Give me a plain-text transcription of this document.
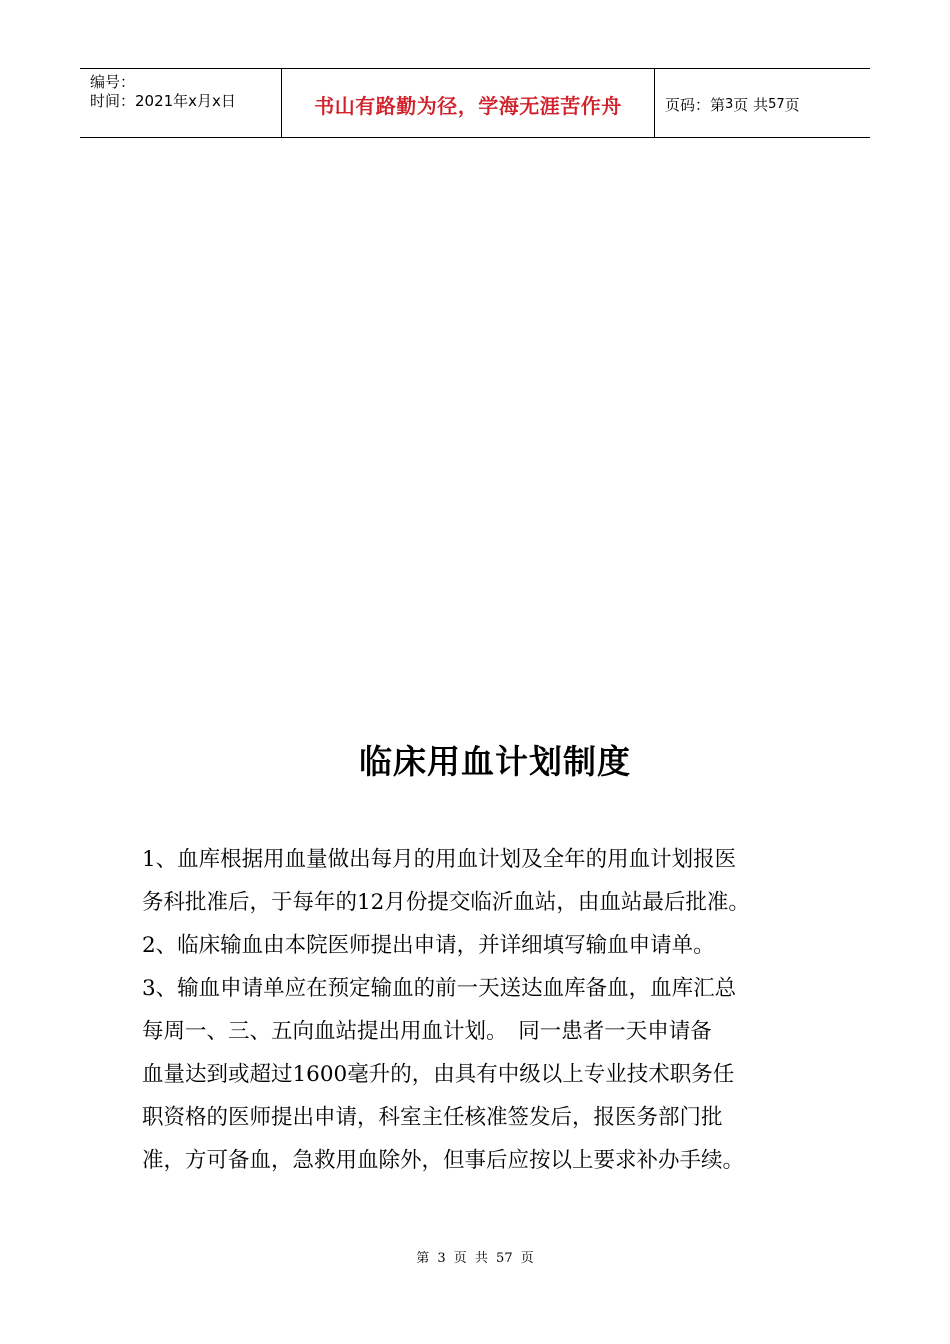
编号：
时间：2021年x月x日	书山有路勤为径，学海无涯苦作舟	页码：第 3 页 共 57 页
临床用血计划制度

1、血库根据用血量做出每月的用血计划及全年的用血计划报医

务科批准后，于每年的12月份提交临沂血站，由血站最后批准。

2、临床输血由本院医师提出申请，并详细填写输血申请单。

3、输血申请单应在预定输血的前一天送达血库备血，血库汇总

每周一、三、五向血站提出用血计划。　同一患者一天申请备

血量达到或超过1600毫升的，由具有中级以上专业技术职务任

职资格的医师提出申请，科室主任核准签发后，报医务部门批

准，方可备血，急救用血除外，但事后应按以上要求补办手续。

第 3 页 共 57 页
